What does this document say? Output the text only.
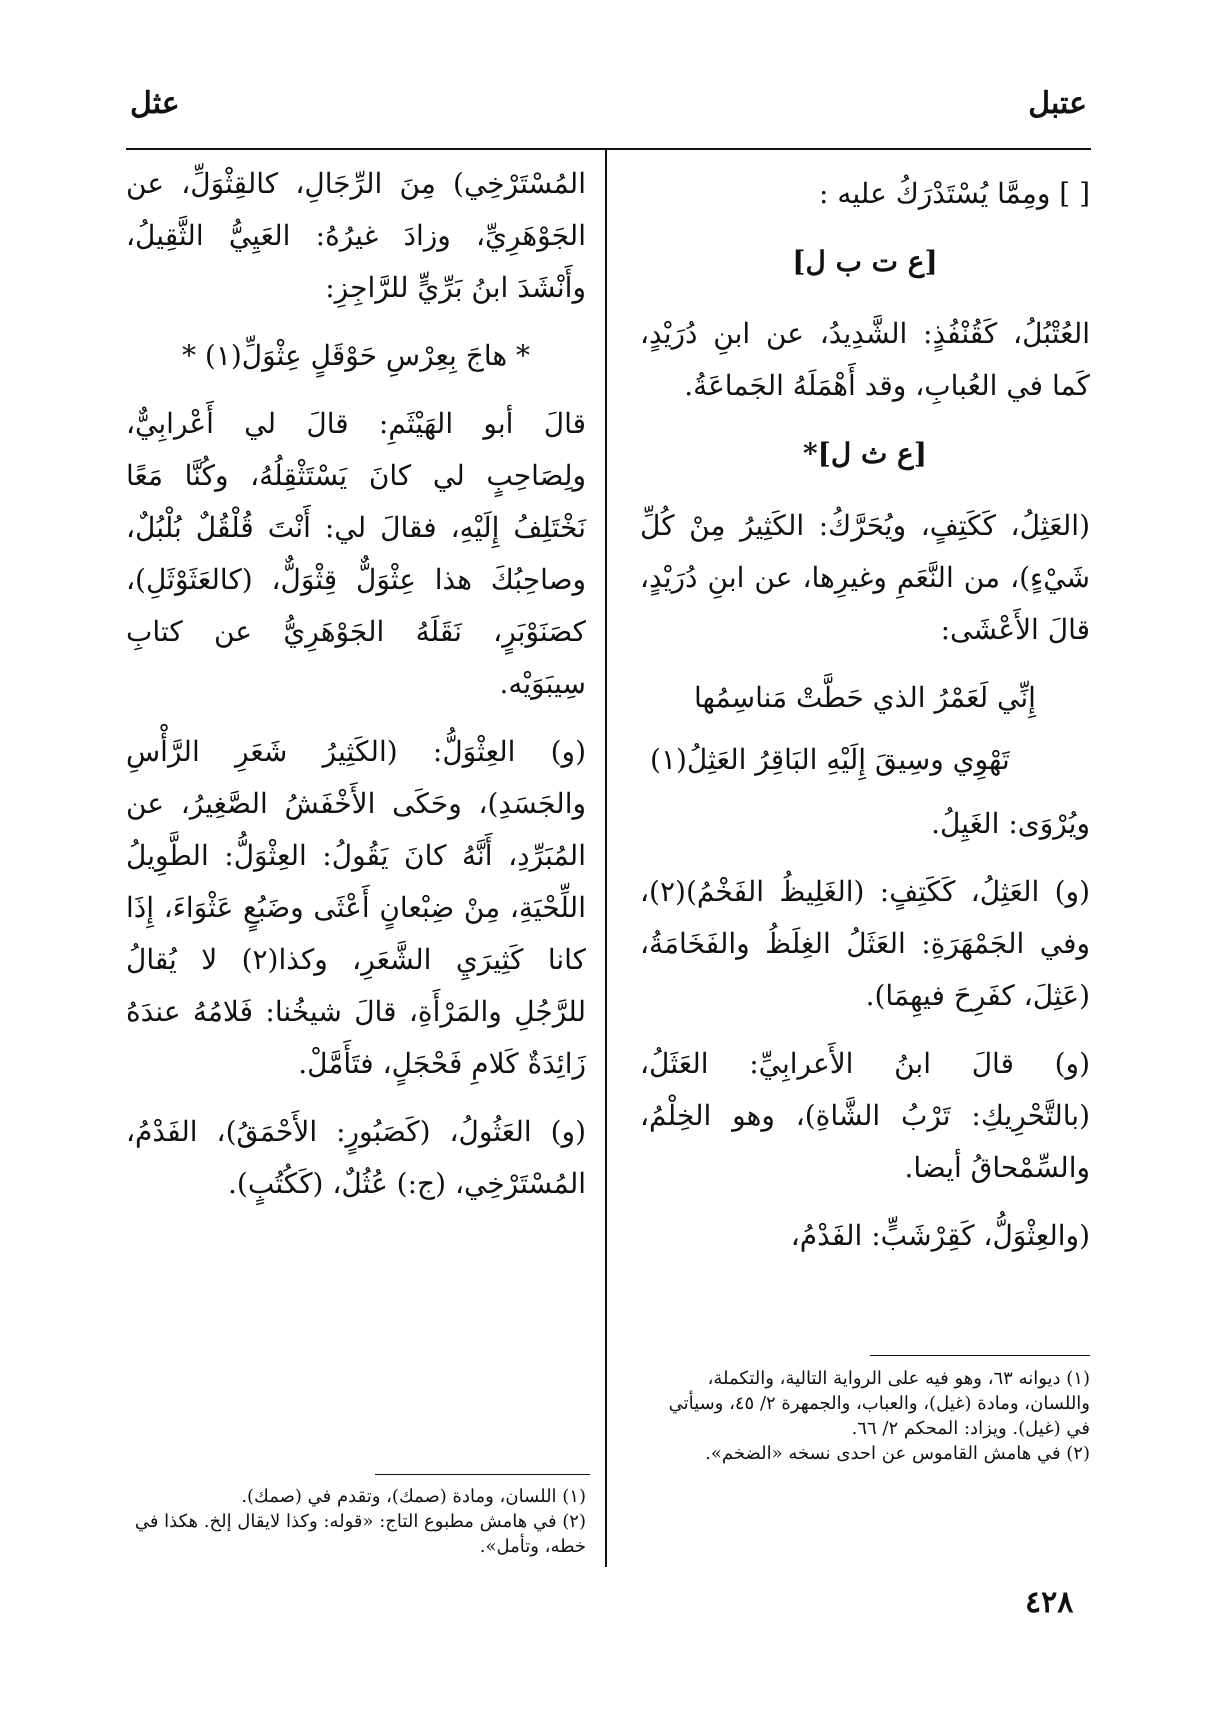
عتبل
عثل

[ ] ومِمَّا يُسْتَدْرَكُ عليه :

[ع ت ب ل]

العُتْبُلُ، كَقُنْفُذٍ: الشَّدِيدُ، عن ابنِ دُرَيْدٍ، كَما في العُبابِ، وقد أَهْمَلَهُ الجَماعَةُ.

[ع ث ل]*

(العَثِلُ، كَكَتِفٍ، ويُحَرَّكُ: الكَثِيرُ مِنْ كُلِّ شَيْءٍ)، من النَّعَمِ وغيرِها، عن ابنِ دُرَيْدٍ، قالَ الأَعْشَى:

إِنِّي لَعَمْرُ الذي حَطَّتْ مَناسِمُها

تَهْوِي وسِيقَ إِلَيْهِ البَاقِرُ العَثِلُ(١)

ويُرْوَى: الغَيِلُ.

(و) العَثِلُ، كَكَتِفٍ: (الغَلِيظُ الفَخْمُ)(٢)، وفي الجَمْهَرَةِ: العَثَلُ الغِلَظُ والفَخَامَةُ، (عَثِلَ، كفَرِحَ فيهِمَا).

(و) قالَ ابنُ الأَعرابِيِّ: العَثَلُ، (بالتَّحْرِيكِ: تَرْبُ الشَّاةِ)، وهو الخِلْمُ، والسِّمْحاقُ أيضا.

(والعِثْوَلُّ، كَقِرْشَبٍّ: الفَدْمُ،

المُسْتَرْخِي) مِنَ الرِّجَالِ، كالقِثْوَلِّ، عن الجَوْهَرِيِّ، وزادَ غيرُهُ: العَيِيُّ الثَّقِيلُ، وأَنْشَدَ ابنُ بَرِّيٍّ للرَّاجِزِ:

* هاجَ بِعِرْسِ حَوْقَلٍ عِثْوَلِّ(١) *

قالَ أبو الهَيْثَمِ: قالَ لي أَعْرابِيٌّ، ولِصَاحِبٍ لي كانَ يَسْتَثْقِلُهُ، وكُنَّا مَعًا نَخْتَلِفُ إِلَيْهِ، فقالَ لي: أَنْتَ قُلْقُلٌ بُلْبُلٌ، وصاحِبُكَ هذا عِثْوَلٌّ قِثْوَلٌّ، (كالعَثَوْثَلِ)، كصَنَوْبَرٍ، نَقَلَهُ الجَوْهَرِيُّ عن كتابِ سِيبَوَيْه.

(و) العِثْوَلُّ: (الكَثِيرُ شَعَرِ الرَّأْسِ والجَسَدِ)، وحَكَى الأَخْفَشُ الصَّغِيرُ، عن المُبَرِّدِ، أَنَّهُ كانَ يَقُولُ: العِثْوَلُّ: الطَّوِيلُ اللِّحْيَةِ، مِنْ ضِبْعانٍ أَعْثَى وضَبُعٍ عَثْوَاءَ، إِذَا كانا كَثِيرَيِ الشَّعَرِ، وكذا(٢) لا يُقالُ للرَّجُلِ والمَرْأَةِ، قالَ شيخُنا: فَلامُهُ عندَهُ زَائِدَةٌ كَلامِ فَحْجَلٍ، فتَأَمَّلْ.

(و) العَثُولُ، (كَصَبُورٍ: الأَحْمَقُ)، الفَدْمُ، المُسْتَرْخِي، (ج:) عُثُلٌ، (كَكُتُبٍ).

(١) ديوانه ٦٣، وهو فيه على الرواية التالية، والتكملة، واللسان، ومادة (غيل)، والعباب، والجمهرة ٢/ ٤٥، وسيأتي في (غيل). ويزاد: المحكم ٢/ ٦٦.

(٢) في هامش القاموس عن احدى نسخه «الضخم».

(١) اللسان، ومادة (صمك)، وتقدم في (صمك).

(٢) في هامش مطبوع التاج: «قوله: وكذا لايقال إلخ. هكذا في خطه، وتأمل».

٤٢٨
